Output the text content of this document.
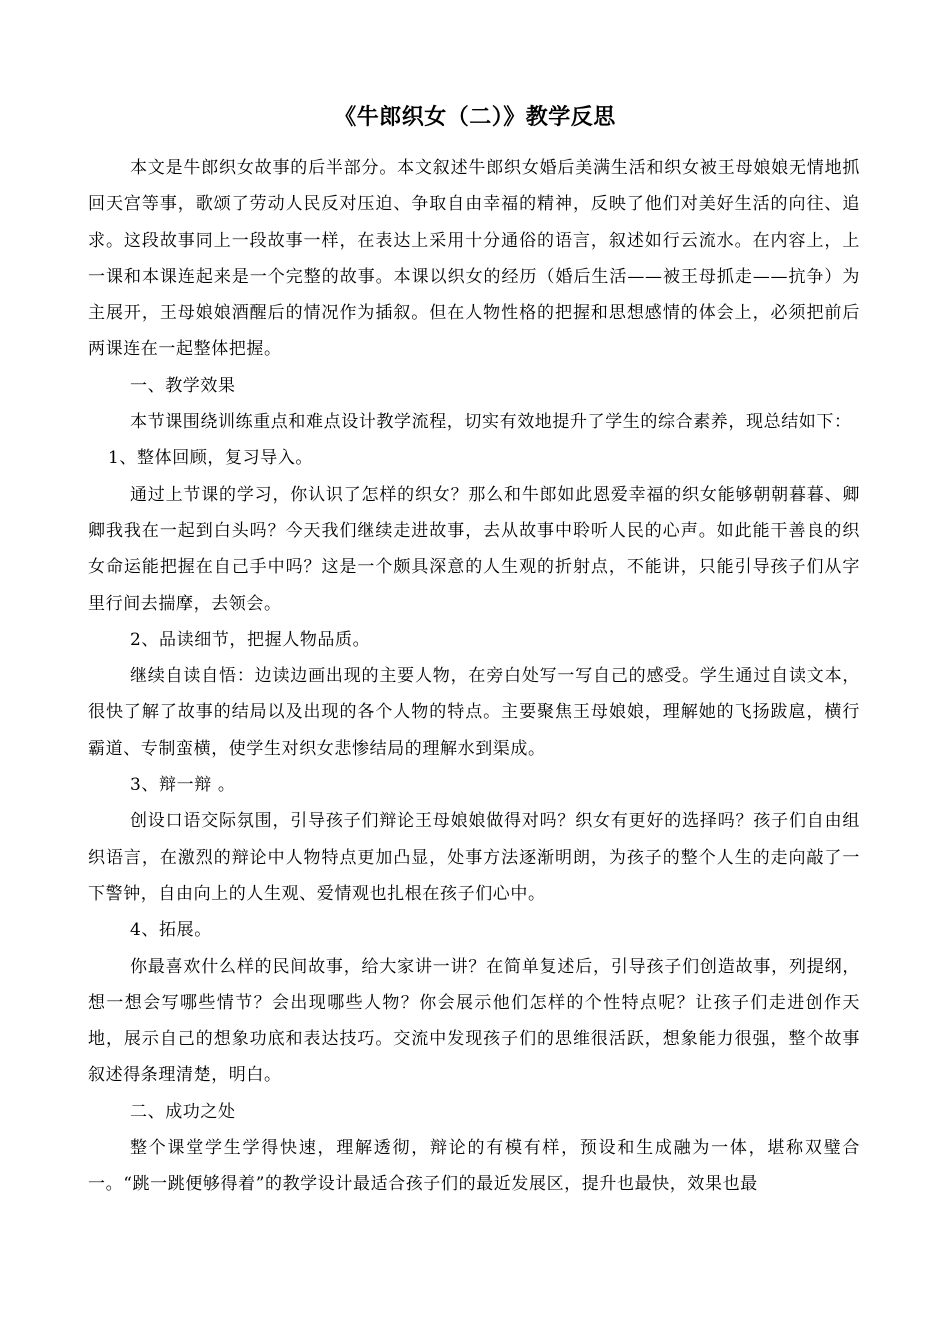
《牛郎织女（二）》教学反思

本文是牛郎织女故事的后半部分。本文叙述牛郎织女婚后美满生活和织女被王母娘娘无情地抓回天宫等事，歌颂了劳动人民反对压迫、争取自由幸福的精神，反映了他们对美好生活的向往、追求。这段故事同上一段故事一样，在表达上采用十分通俗的语言，叙述如行云流水。在内容上，上一课和本课连起来是一个完整的故事。本课以织女的经历（婚后生活——被王母抓走——抗争）为主展开，王母娘娘酒醒后的情况作为插叙。但在人物性格的把握和思想感情的体会上，必须把前后两课连在一起整体把握。

一、教学效果

本节课围绕训练重点和难点设计教学流程，切实有效地提升了学生的综合素养，现总结如下：

1、整体回顾，复习导入。

通过上节课的学习，你认识了怎样的织女？那么和牛郎如此恩爱幸福的织女能够朝朝暮暮、卿卿我我在一起到白头吗？今天我们继续走进故事，去从故事中聆听人民的心声。如此能干善良的织女命运能把握在自己手中吗？这是一个颇具深意的人生观的折射点，不能讲，只能引导孩子们从字里行间去揣摩，去领会。

2、品读细节，把握人物品质。

继续自读自悟：边读边画出现的主要人物，在旁白处写一写自己的感受。学生通过自读文本，很快了解了故事的结局以及出现的各个人物的特点。主要聚焦王母娘娘，理解她的飞扬跋扈，横行霸道、专制蛮横，使学生对织女悲惨结局的理解水到渠成。

3、辩一辩 。

创设口语交际氛围，引导孩子们辩论王母娘娘做得对吗？织女有更好的选择吗？孩子们自由组织语言，在激烈的辩论中人物特点更加凸显，处事方法逐渐明朗，为孩子的整个人生的走向敲了一下警钟，自由向上的人生观、爱情观也扎根在孩子们心中。

4、拓展。

你最喜欢什么样的民间故事，给大家讲一讲？在简单复述后，引导孩子们创造故事，列提纲，想一想会写哪些情节？会出现哪些人物？你会展示他们怎样的个性特点呢？让孩子们走进创作天地，展示自己的想象功底和表达技巧。交流中发现孩子们的思维很活跃，想象能力很强，整个故事叙述得条理清楚，明白。

二、成功之处

整个课堂学生学得快速，理解透彻，辩论的有模有样，预设和生成融为一体，堪称双璧合一。“跳一跳便够得着”的教学设计最适合孩子们的最近发展区，提升也最快，效果也最
